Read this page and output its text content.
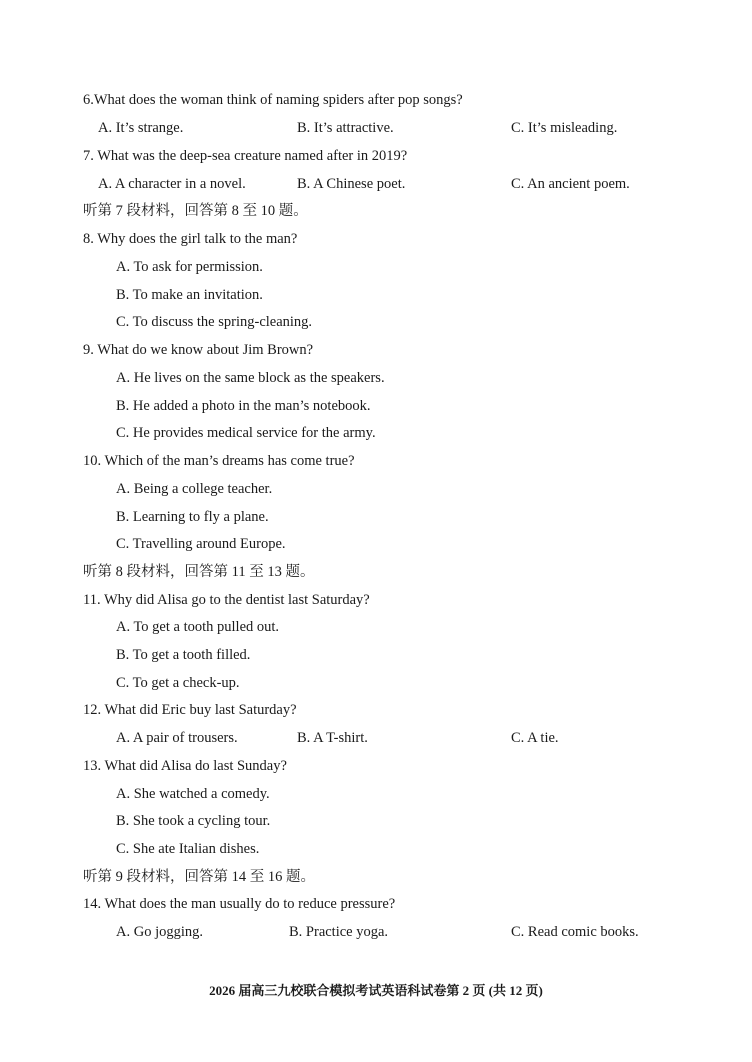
6.What does the woman think of naming spiders after pop songs?
A. It’s strange.	B. It’s attractive.	C. It’s misleading.
7. What was the deep-sea creature named after in 2019?
A. A character in a novel.	B. A Chinese poet.	C. An ancient poem.
听第 7 段材料，回答第 8 至 10 题。
8. Why does the girl talk to the man?
A. To ask for permission.
B. To make an invitation.
C. To discuss the spring-cleaning.
9. What do we know about Jim Brown?
A. He lives on the same block as the speakers.
B. He added a photo in the man’s notebook.
C. He provides medical service for the army.
10. Which of the man’s dreams has come true?
A. Being a college teacher.
B. Learning to fly a plane.
C. Travelling around Europe.
听第 8 段材料，回答第 11 至 13 题。
11. Why did Alisa go to the dentist last Saturday?
A. To get a tooth pulled out.
B. To get a tooth filled.
C. To get a check-up.
12. What did Eric buy last Saturday?
A. A pair of trousers.	B. A T-shirt.	C. A tie.
13. What did Alisa do last Sunday?
A. She watched a comedy.
B. She took a cycling tour.
C. She ate Italian dishes.
听第 9 段材料，回答第 14 至 16 题。
14. What does the man usually do to reduce pressure?
A. Go jogging.	B. Practice yoga.	C. Read comic books.
2026 届高三九校联合模拟考试英语科试卷第 2 页 (共 12 页)
